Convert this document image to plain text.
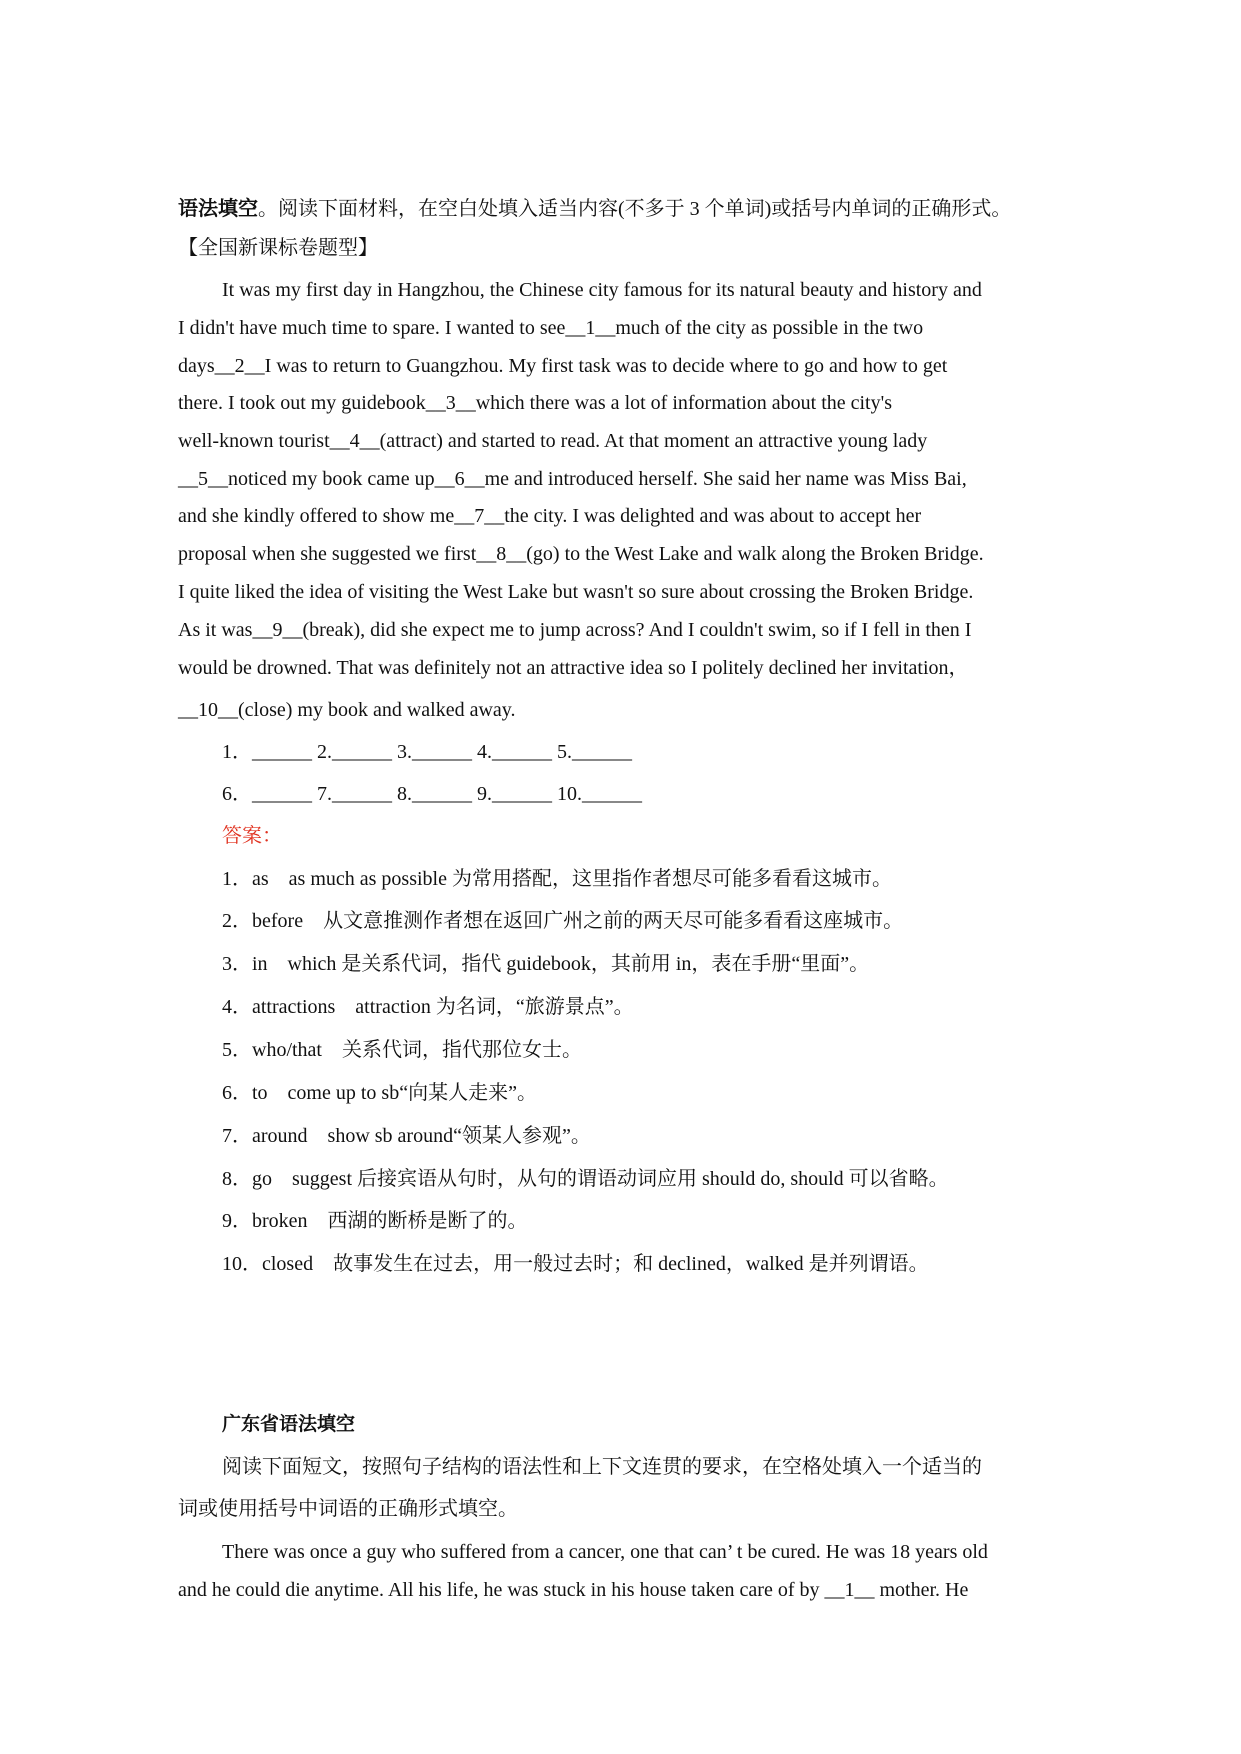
语法填空。阅读下面材料，在空白处填入适当内容(不多于 3 个单词)或括号内单词的正确形式。
【全国新课标卷题型】
It was my first day in Hangzhou, the Chinese city famous for its natural beauty and history and
I didn't have much time to spare. I wanted to see__1__much of the city as possible in the two
days__2__I was to return to Guangzhou. My first task was to decide where to go and how to get
there. I took out my guidebook__3__which there was a lot of information about the city's
well-known tourist__4__(attract) and started to read. At that moment an attractive young lady
__5__noticed my book came up__6__me and introduced herself. She said her name was Miss Bai,
and she kindly offered to show me__7__the city. I was delighted and was about to accept her
proposal when she suggested we first__8__(go) to the West Lake and walk along the Broken Bridge.
I quite liked the idea of visiting the West Lake but wasn't so sure about crossing the Broken Bridge.
As it was__9__(break), did she expect me to jump across? And I couldn't swim, so if I fell in then I
would be drowned. That was definitely not an attractive idea so I politely declined her invitation，
__10__(close) my book and walked away.
1．______ 2.______ 3.______ 4.______ 5.______
6．______ 7.______ 8.______ 9.______ 10.______
答案：
1．as　as much as possible 为常用搭配，这里指作者想尽可能多看看这城市。
2．before　从文意推测作者想在返回广州之前的两天尽可能多看看这座城市。
3．in　which 是关系代词，指代 guidebook，其前用 in，表在手册“里面”。
4．attractions　attraction 为名词，“旅游景点”。
5．who/that　关系代词，指代那位女士。
6．to　come up to sb“向某人走来”。
7．around　show sb around“领某人参观”。
8．go　suggest 后接宾语从句时，从句的谓语动词应用 should do, should 可以省略。
9．broken　西湖的断桥是断了的。
10．closed　故事发生在过去，用一般过去时；和 declined，walked 是并列谓语。
广东省语法填空
阅读下面短文，按照句子结构的语法性和上下文连贯的要求，在空格处填入一个适当的
词或使用括号中词语的正确形式填空。
There was once a guy who suffered from a cancer, one that can’ t be cured. He was 18 years old
and he could die anytime. All his life, he was stuck in his house taken care of by __1__ mother. He
